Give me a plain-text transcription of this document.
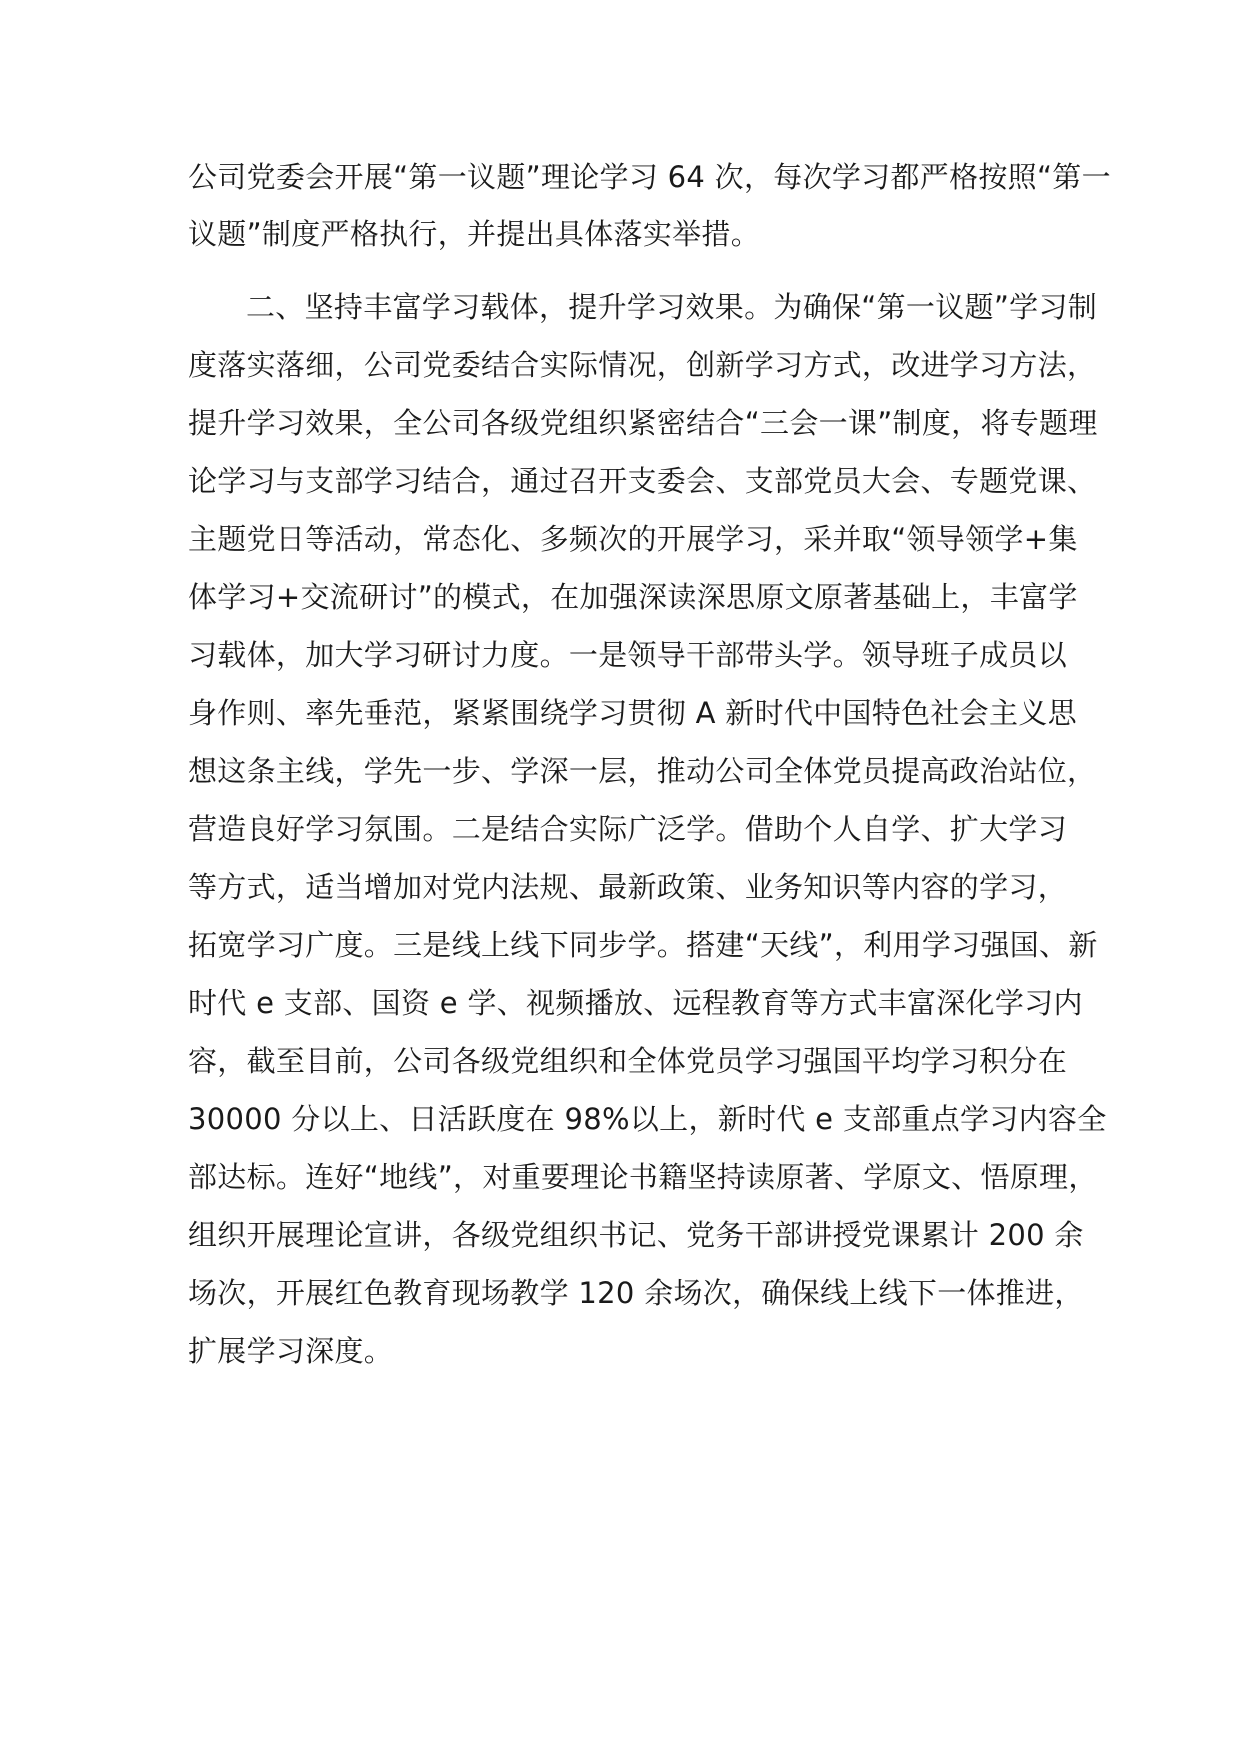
公司党委会开展“第一议题”理论学习 64 次，每次学习都严格按照“第一
议题”制度严格执行，并提出具体落实举措。
二、坚持丰富学习载体，提升学习效果。为确保“第一议题”学习制
度落实落细，公司党委结合实际情况，创新学习方式，改进学习方法，
提升学习效果，全公司各级党组织紧密结合“三会一课”制度，将专题理
论学习与支部学习结合，通过召开支委会、支部党员大会、专题党课、
主题党日等活动，常态化、多频次的开展学习，采并取“领导领学+集
体学习+交流研讨”的模式，在加强深读深思原文原著基础上，丰富学
习载体，加大学习研讨力度。一是领导干部带头学。领导班子成员以
身作则、率先垂范，紧紧围绕学习贯彻 A 新时代中国特色社会主义思
想这条主线，学先一步、学深一层，推动公司全体党员提高政治站位，
营造良好学习氛围。二是结合实际广泛学。借助个人自学、扩大学习
等方式，适当增加对党内法规、最新政策、业务知识等内容的学习，
拓宽学习广度。三是线上线下同步学。搭建“天线”，利用学习强国、新
时代 e 支部、国资 e 学、视频播放、远程教育等方式丰富深化学习内
容，截至目前，公司各级党组织和全体党员学习强国平均学习积分在
30000 分以上、日活跃度在 98%以上，新时代 e 支部重点学习内容全
部达标。连好“地线”，对重要理论书籍坚持读原著、学原文、悟原理，
组织开展理论宣讲，各级党组织书记、党务干部讲授党课累计 200 余
场次，开展红色教育现场教学 120 余场次，确保线上线下一体推进，
扩展学习深度。
